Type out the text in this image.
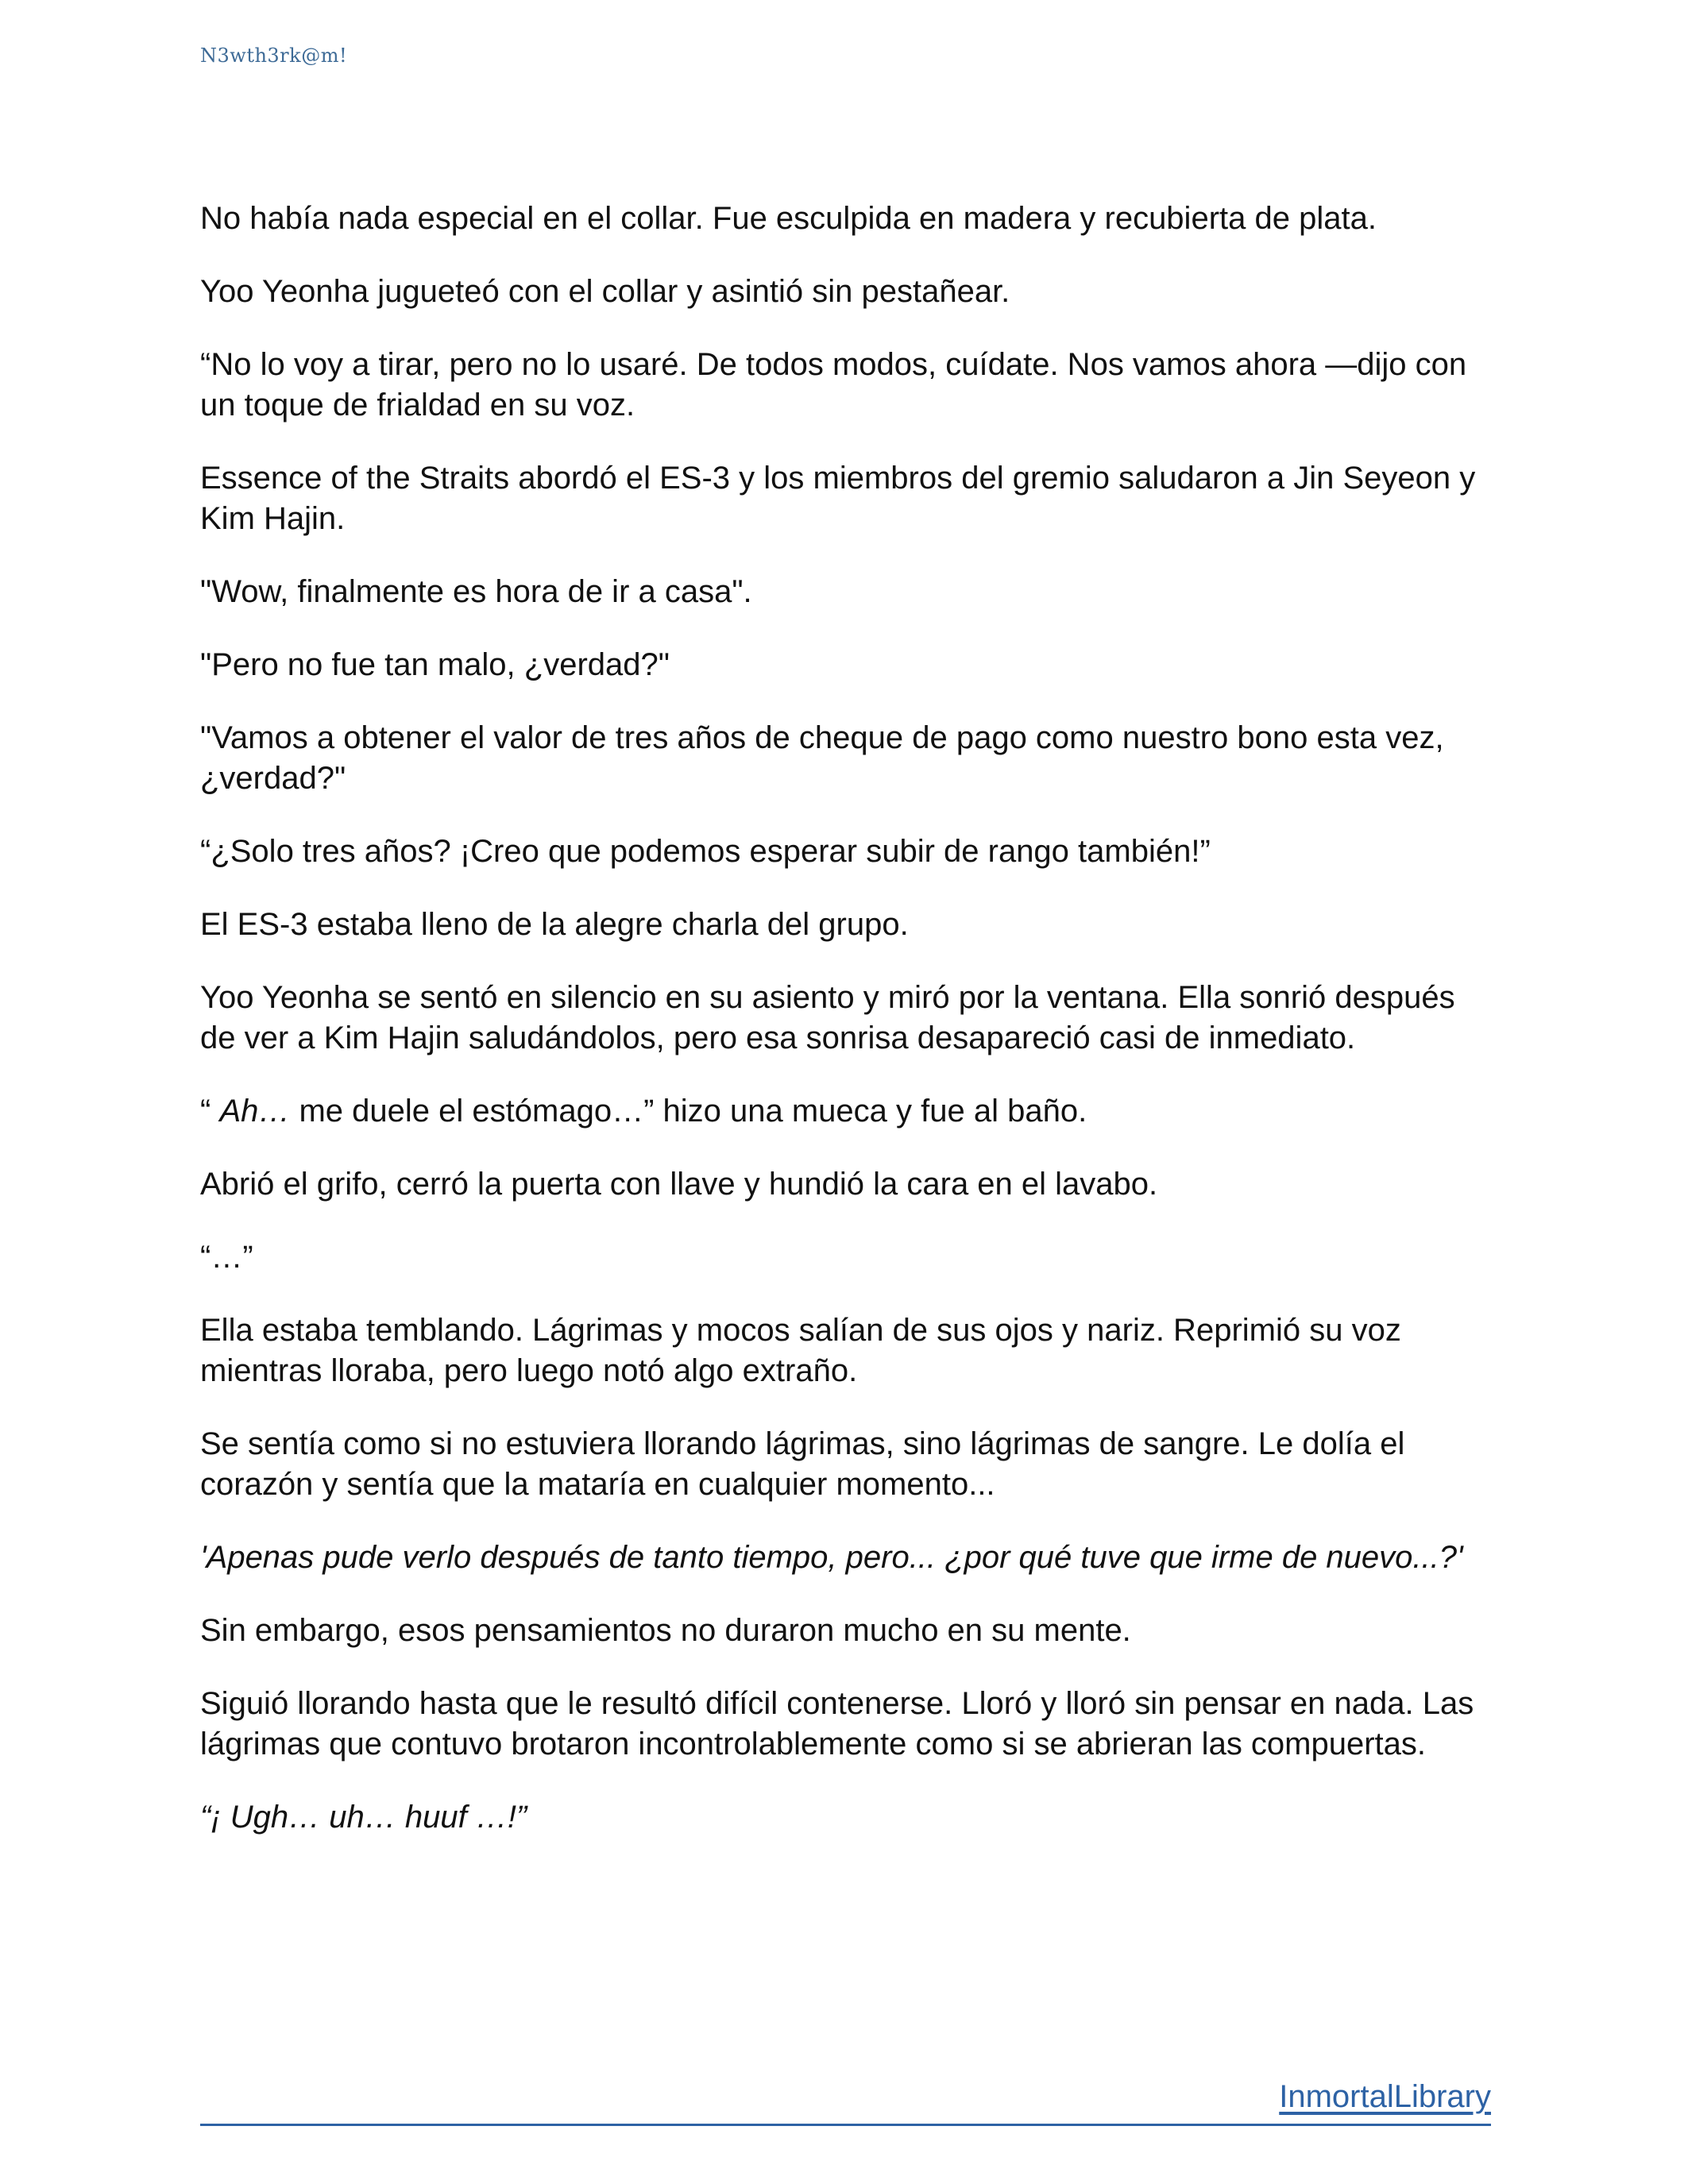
N3wth3rk@m!

No había nada especial en el collar. Fue esculpida en madera y recubierta de plata.

Yoo Yeonha jugueteó con el collar y asintió sin pestañear.

“No lo voy a tirar, pero no lo usaré. De todos modos, cuídate. Nos vamos ahora —dijo con un toque de frialdad en su voz.

Essence of the Straits abordó el ES-3 y los miembros del gremio saludaron a Jin Seyeon y Kim Hajin.

"Wow, finalmente es hora de ir a casa".

"Pero no fue tan malo, ¿verdad?"

"Vamos a obtener el valor de tres años de cheque de pago como nuestro bono esta vez, ¿verdad?"

“¿Solo tres años? ¡Creo que podemos esperar subir de rango también!”

El ES-3 estaba lleno de la alegre charla del grupo.

Yoo Yeonha se sentó en silencio en su asiento y miró por la ventana. Ella sonrió después de ver a Kim Hajin saludándolos, pero esa sonrisa desapareció casi de inmediato.

“ Ah… me duele el estómago…” hizo una mueca y fue al baño.

Abrió el grifo, cerró la puerta con llave y hundió la cara en el lavabo.

“…”

Ella estaba temblando. Lágrimas y mocos salían de sus ojos y nariz. Reprimió su voz mientras lloraba, pero luego notó algo extraño.

Se sentía como si no estuviera llorando lágrimas, sino lágrimas de sangre. Le dolía el corazón y sentía que la mataría en cualquier momento...

'Apenas pude verlo después de tanto tiempo, pero... ¿por qué tuve que irme de nuevo...?'

Sin embargo, esos pensamientos no duraron mucho en su mente.

Siguió llorando hasta que le resultó difícil contenerse. Lloró y lloró sin pensar en nada. Las lágrimas que contuvo brotaron incontrolablemente como si se abrieran las compuertas.

“¡ Ugh… uh… huuf …!”

InmortalLibrary
